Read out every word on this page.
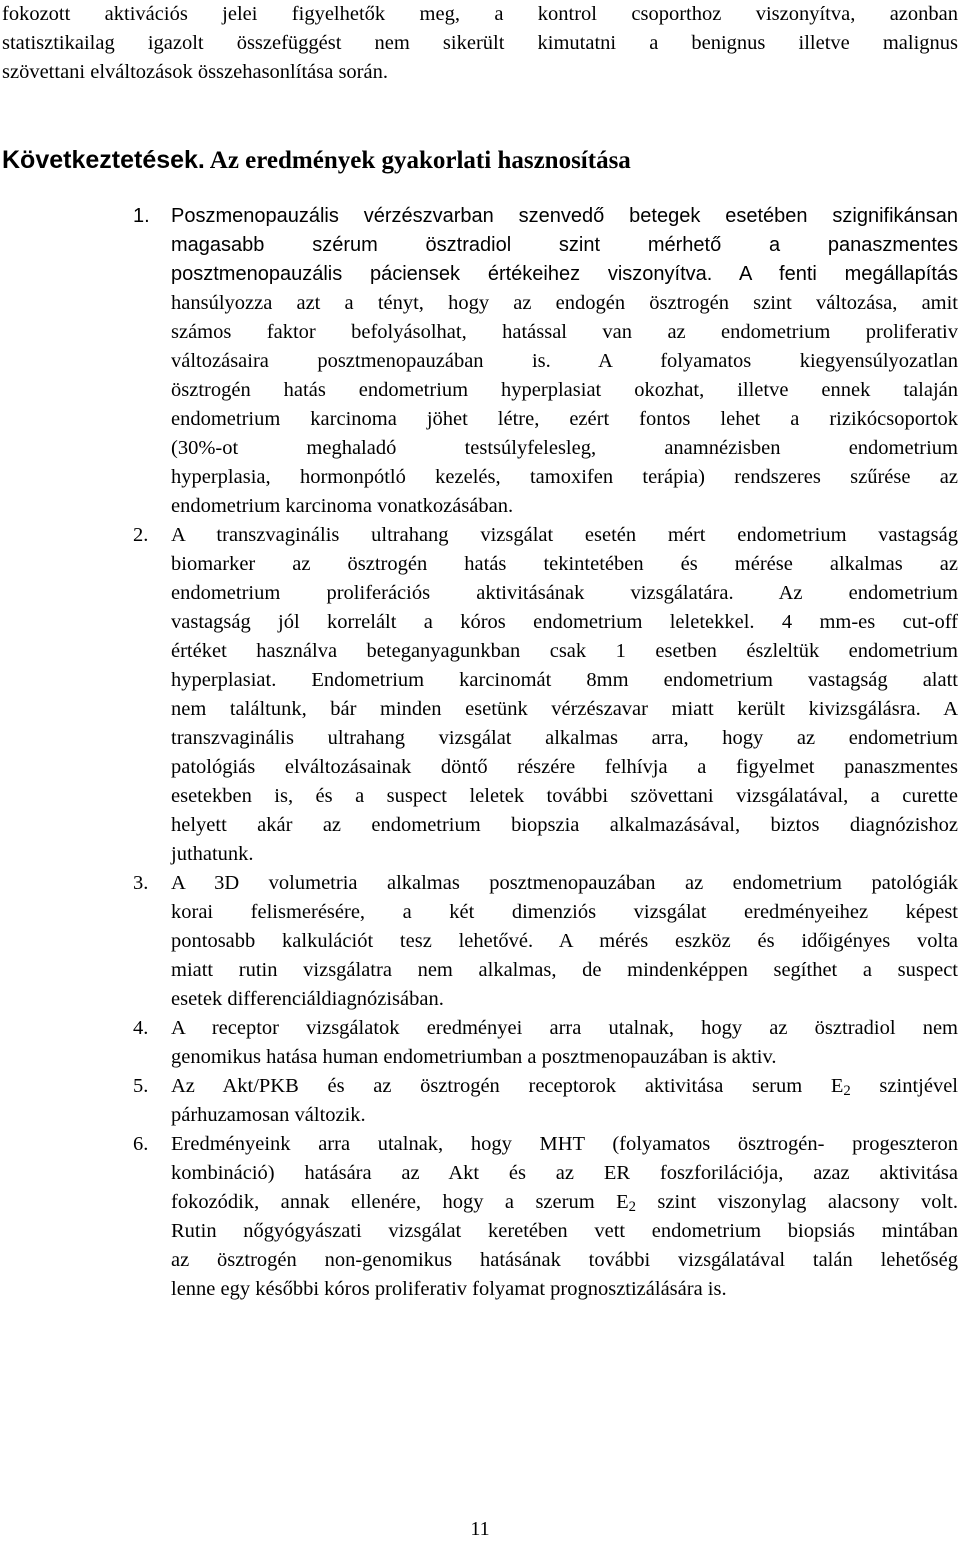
fokozott aktivációs jelei figyelhetők meg, a kontrol csoporthoz viszonyítva, azonban
statisztikailag igazolt összefüggést nem sikerült kimutatni a benignus illetve malignus
szövettani elváltozások összehasonlítása során.
Következtetések. Az eredmények gyakorlati hasznosítása
1. Poszmenopauzális vérzészvarban szenvedő betegek esetében szignifikánsan
magasabb szérum ösztradiol szint mérhető a panaszmentes
posztmenopauzális páciensek értékeihez viszonyítva. A fenti megállapítás
hansúlyozza azt a tényt, hogy az endogén ösztrogén szint változása, amit
számos faktor befolyásolhat, hatással van az endometrium proliferativ
változásaira posztmenopauzában is. A folyamatos kiegyensúlyozatlan
ösztrogén hatás endometrium hyperplasiat okozhat, illetve ennek talaján
endometrium karcinoma jöhet létre, ezért fontos lehet a rizikócsoportok
(30%-ot meghaladó testsúlyfelesleg, anamnézisben endometrium
hyperplasia, hormonpótló kezelés, tamoxifen terápia) rendszeres szűrése az
endometrium karcinoma vonatkozásában.
2. A transzvaginális ultrahang vizsgálat esetén mért endometrium vastagság
biomarker az ösztrogén hatás tekintetében és mérése alkalmas az
endometrium proliferációs aktivitásának vizsgálatára. Az endometrium
vastagság jól korrelált a kóros endometrium leletekkel. 4 mm-es cut-off
értéket használva beteganyagunkban csak 1 esetben észleltük endometrium
hyperplasiat. Endometrium karcinomát 8mm endometrium vastagság alatt
nem találtunk, bár minden esetünk vérzészavar miatt került kivizsgálásra. A
transzvaginális ultrahang vizsgálat alkalmas arra, hogy az endometrium
patológiás elváltozásainak döntő részére felhívja a figyelmet panaszmentes
esetekben is, és a suspect leletek további szövettani vizsgálatával, a curette
helyett akár az endometrium biopszia alkalmazásával, biztos diagnózishoz
juthatunk.
3. A 3D volumetria alkalmas posztmenopauzában az endometrium patológiák
korai felismerésére, a két dimenziós vizsgálat eredményeihez képest
pontosabb kalkulációt tesz lehetővé. A mérés eszköz és időigényes volta
miatt rutin vizsgálatra nem alkalmas, de mindenképpen segíthet a suspect
esetek differenciáldiagnózisában.
4. A receptor vizsgálatok eredményei arra utalnak, hogy az ösztradiol nem
genomikus hatása human endometriumban a posztmenopauzában is aktiv.
5. Az Akt/PKB és az ösztrogén receptorok aktivitása serum $E_2$ szintjével
párhuzamosan változik.
6. Eredményeink arra utalnak, hogy MHT (folyamatos ösztrogén- progeszteron
kombináció) hatására az Akt és az ER foszforilációja, azaz aktivitása
fokozódik, annak ellenére, hogy a szerum $E_2$ szint viszonylag alacsony volt.
Rutin nőgyógyászati vizsgálat keretében vett endometrium biopsiás mintában
az ösztrogén non-genomikus hatásának további vizsgálatával talán lehetőség
lenne egy későbbi kóros proliferativ folyamat prognosztizálására is.

11
